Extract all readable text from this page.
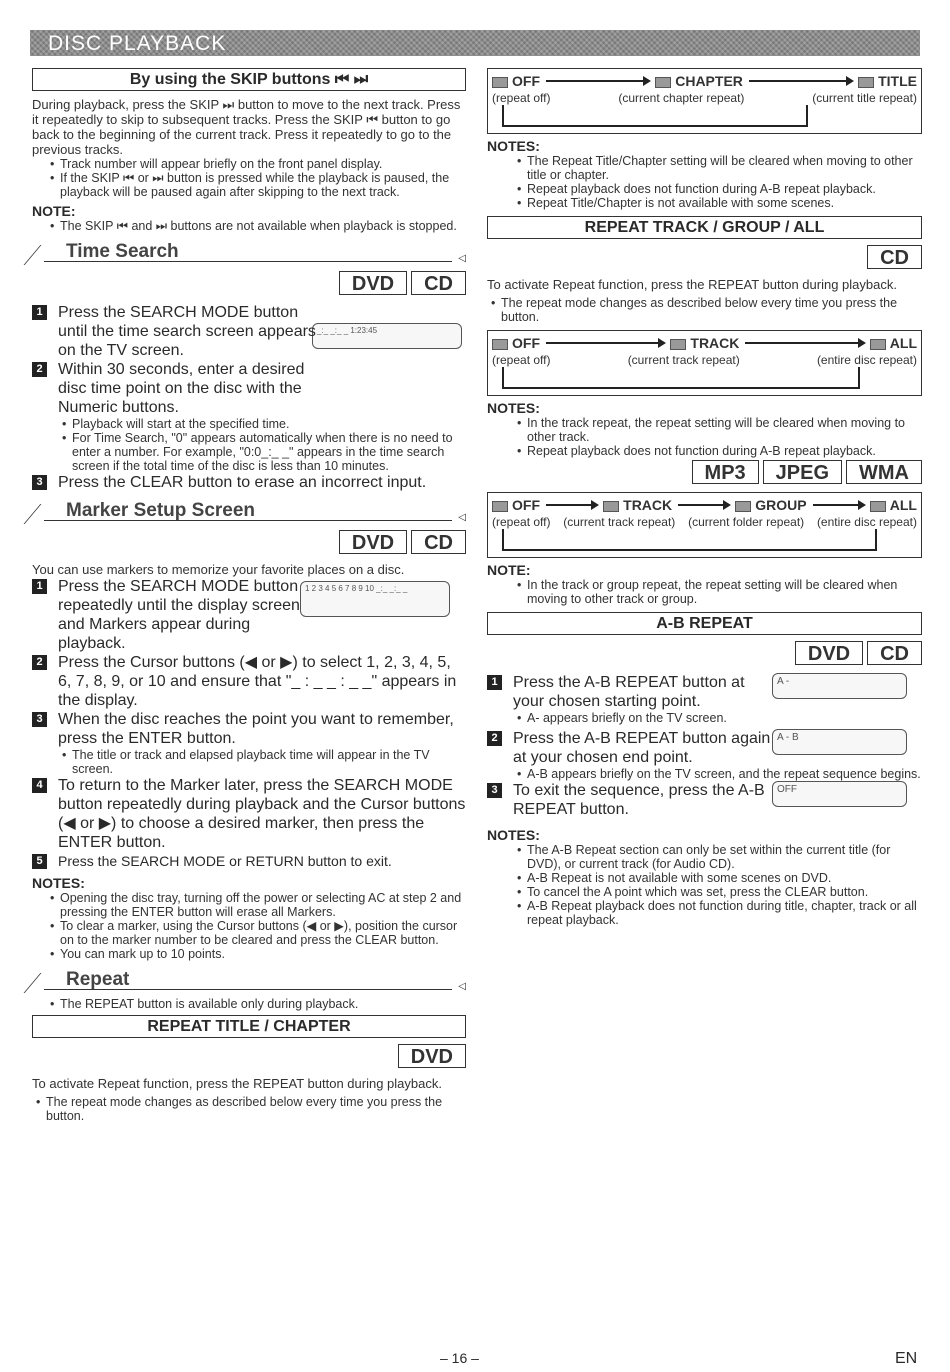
DISC PLAYBACK
By using the SKIP buttons ⏮ ⏭
During playback, press the SKIP ⏭ button to move to the next track. Press it repeatedly to skip to subsequent tracks. Press the SKIP ⏮ button to go back to the beginning of the current track. Press it repeatedly to go to the previous tracks.
• Track number will appear briefly on the front panel display.
• If the SKIP ⏮ or ⏭ button is pressed while the playback is paused, the playback will be paused again after skipping to the next track.
NOTE:
• The SKIP ⏮ and ⏭ buttons are not available when playback is stopped.
Time Search	◁
DVD CD
_:_ _:_ _ 1:23:45
1 Press the SEARCH MODE button until the time search screen appears on the TV screen.
2 Within 30 seconds, enter a desired disc time point on the disc with the Numeric buttons.
• Playback will start at the specified time.
• For Time Search, "0" appears automatically when there is no need to enter a number. For example, "0:0_:_ _" appears in the time search screen if the total time of the disc is less than 10 minutes.
3 Press the CLEAR button to erase an incorrect input.
Marker Setup Screen	◁
DVD CD
You can use markers to memorize your favorite places on a disc.
1 2 3 4 5 6 7 8 9 10 _:_ _:_ _
1 Press the SEARCH MODE button repeatedly until the display screen and Markers appear during playback.
2 Press the Cursor buttons (◀ or ▶) to select 1, 2, 3, 4, 5, 6, 7, 8, 9, or 10 and ensure that "_ : _ _ : _ _" appears in the display.
3 When the disc reaches the point you want to remember, press the ENTER button.
• The title or track and elapsed playback time will appear in the TV screen.
4 To return to the Marker later, press the SEARCH MODE button repeatedly during playback and the Cursor buttons (◀ or ▶) to choose a desired marker, then press the ENTER button.
5	Press the SEARCH MODE or RETURN button to exit.
NOTES:
• Opening the disc tray, turning off the power or selecting AC at step 2 and pressing the ENTER button will erase all Markers.
• To clear a marker, using the Cursor buttons (◀ or ▶), position the cursor on to the marker number to be cleared and press the CLEAR button.
• You can mark up to 10 points.
Repeat	◁
• The REPEAT button is available only during playback.
REPEAT TITLE / CHAPTER
DVD
To activate Repeat function, press the REPEAT button during playback.
• The repeat mode changes as described below every time you press the button.
OFF	CHAPTER	TITLE
(repeat off)	(current chapter repeat)	(current title repeat)
NOTES:
• The Repeat Title/Chapter setting will be cleared when moving to other title or chapter.
• Repeat playback does not function during A-B repeat playback.
• Repeat Title/Chapter is not available with some scenes.
REPEAT TRACK / GROUP / ALL
CD
To activate Repeat function, press the REPEAT button during playback.
• The repeat mode changes as described below every time you press the button.
OFF	TRACK	ALL
(repeat off)	(current track repeat)	(entire disc repeat)
NOTES:
• In the track repeat, the repeat setting will be cleared when moving to other track.
• Repeat playback does not function during A-B repeat playback.
MP3 JPEG WMA
OFF	TRACK	GROUP	ALL
(repeat off) (current track repeat) (current folder repeat) (entire disc repeat)
NOTE:
• In the track or group repeat, the repeat setting will be cleared when moving to other track or group.
A-B REPEAT
DVD CD
A -
1 Press the A-B REPEAT button at your chosen starting point.
• A- appears briefly on the TV screen.
A - B
2 Press the A-B REPEAT button again at your chosen end point.
• A-B appears briefly on the TV screen, and the repeat sequence begins.
OFF
3 To exit the sequence, press the A-B REPEAT button.
NOTES:
• The A-B Repeat section can only be set within the current title (for DVD), or current track (for Audio CD).
• A-B Repeat is not available with some scenes on DVD.
• To cancel the A point which was set, press the CLEAR button.
• A-B Repeat playback does not function during title, chapter, track or all repeat playback.
– 16 –	EN
